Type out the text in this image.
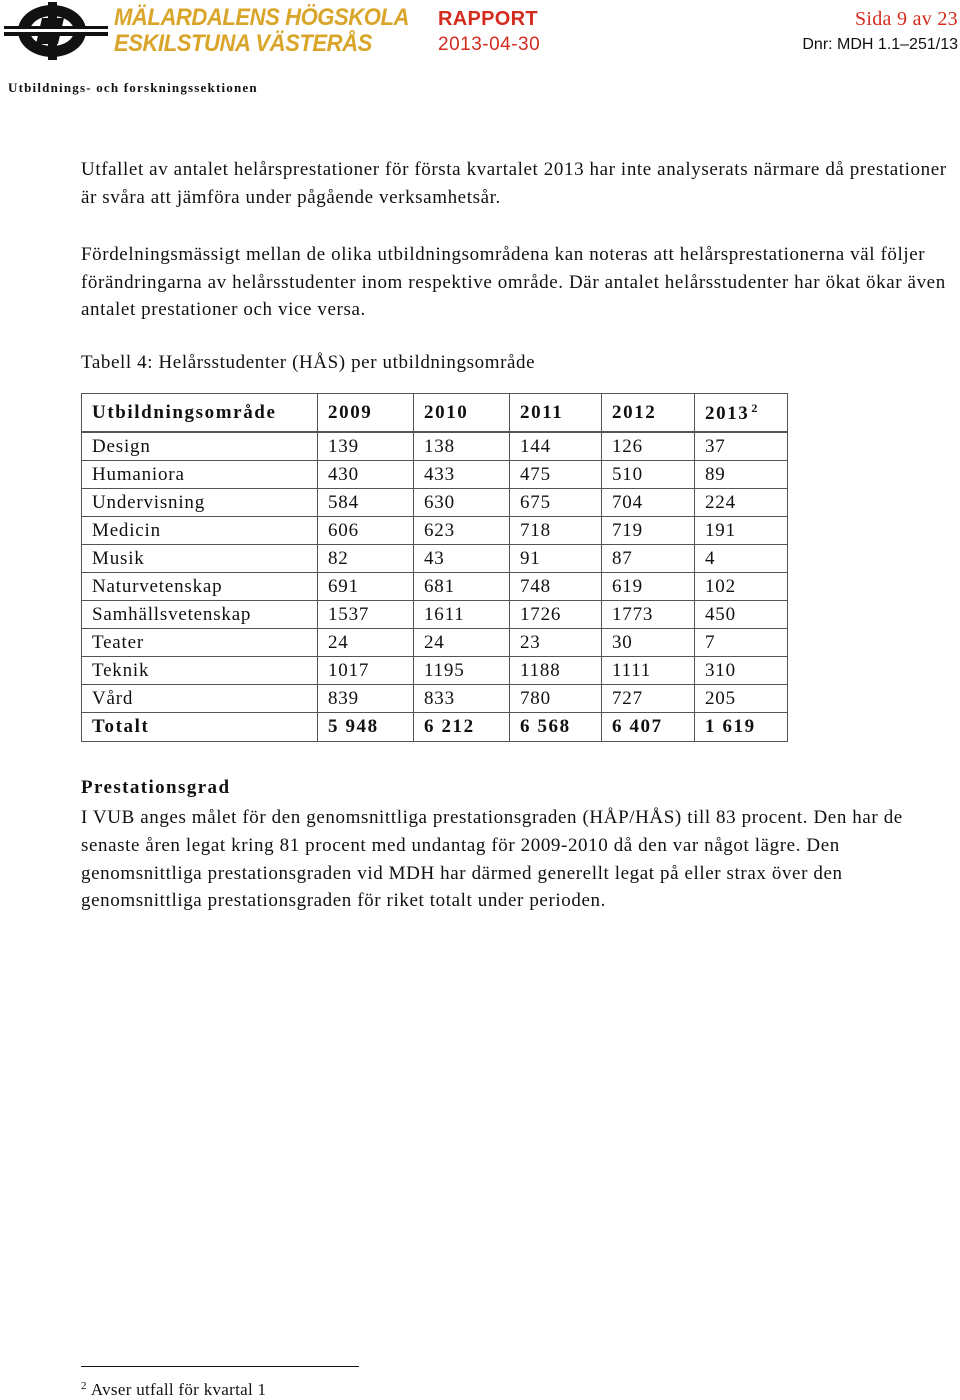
MÄLARDALENS HÖGSKOLA
ESKILSTUNA VÄSTERÅS
RAPPORT
2013-04-30
Sida 9 av 23
Dnr: MDH 1.1–251/13
Utbildnings- och forskningssektionen

Utfallet av antalet helårsprestationer för första kvartalet 2013 har inte analyserats närmare då prestationer är svåra att jämföra under pågående verksamhetsår.

Fördelningsmässigt mellan de olika utbildningsområdena kan noteras att helårsprestationerna väl följer förändringarna av helårsstudenter inom respektive område. Där antalet helårsstudenter har ökat ökar även antalet prestationer och vice versa.

Tabell 4: Helårsstudenter (HÅS) per utbildningsområde
Utbildningsområde	2009	2010	2011	2012	2013 $^2$
Design	139	138	144	126	37
Humaniora	430	433	475	510	89
Undervisning	584	630	675	704	224
Medicin	606	623	718	719	191
Musik	82	43	91	87	4
Naturvetenskap	691	681	748	619	102
Samhällsvetenskap	1537	1611	1726	1773	450
Teater	24	24	23	30	7
Teknik	1017	1195	1188	1111	310
Vård	839	833	780	727	205
Totalt	5 948	6 212	6 568	6 407	1 619
Prestationsgrad

I VUB anges målet för den genomsnittliga prestationsgraden (HÅP/HÅS) till 83 procent. Den har de senaste åren legat kring 81 procent med undantag för 2009-2010 då den var något lägre. Den genomsnittliga prestationsgraden vid MDH har därmed generellt legat på eller strax över den genomsnittliga prestationsgraden för riket totalt under perioden.

$^2$ Avser utfall för kvartal 1
